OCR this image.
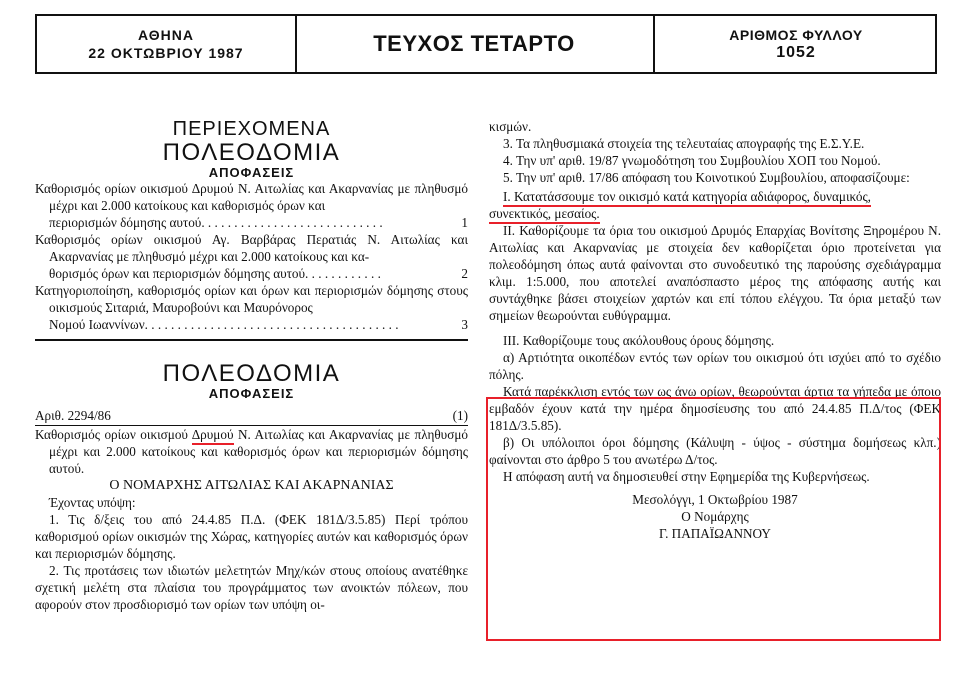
ΑΘΗΝΑ
22 ΟΚΤΩΒΡΙΟΥ 1987	ΤΕΥΧΟΣ ΤΕΤΑΡΤΟ	ΑΡΙΘΜΟΣ ΦΥΛΛΟΥ
1052
ΠΕΡΙΕΧΟΜΕΝΑ
ΠΟΛΕΟΔΟΜΙΑ
ΑΠΟΦΑΣΕΙΣ
Καθορισμός ορίων οικισμού Δρυμού Ν. Αιτωλίας και Ακαρνανίας με πληθυσμό μέχρι και 2.000 κατοίκους και καθορισμός όρων και
περιορισμών δόμησης αυτού. . . . . . . . . . . . . . . . . . . . . . . . . . . .	1
Καθορισμός ορίων οικισμού Αγ. Βαρβάρας Περατιάς Ν. Αιτωλίας και Ακαρνανίας με πληθυσμό μέχρι και 2.000 κατοίκους και κα-
θορισμός όρων και περιορισμών δόμησης αυτού. . . . . . . . . . . .	2
Κατηγοριοποίηση, καθορισμός ορίων και όρων και περιορισμών δόμησης στους οικισμούς Σιταριά, Μαυροβούνι και Μαυρόνορος
Νομού Ιωαννίνων. . . . . . . . . . . . . . . . . . . . . . . . . . . . . . . . . . . . . . .	3
ΠΟΛΕΟΔΟΜΙΑ
ΑΠΟΦΑΣΕΙΣ
Αριθ. 2294/86	(1)
Καθορισμός ορίων οικισμού Δρυμού Ν. Αιτωλίας και Ακαρνανίας με πληθυσμό μέχρι και 2.000 κατοίκους και καθορισμός όρων και περιορισμών δόμησης αυτού.
Ο ΝΟΜΑΡΧΗΣ ΑΙΤΩΛΙΑΣ ΚΑΙ ΑΚΑΡΝΑΝΙΑΣ
Έχοντας υπόψη:
1. Τις δ/ξεις του από 24.4.85 Π.Δ. (ΦΕΚ 181Δ/3.5.85) Περί τρόπου καθορισμού ορίων οικισμών της Χώρας, κατηγορίες αυτών και καθορισμός όρων και περιορισμών δόμησης.
2. Τις προτάσεις των ιδιωτών μελετητών Μηχ/κών στους οποίους ανατέθηκε σχετική μελέτη στα πλαίσια του προγράμματος των ανοικτών πόλεων, που αφορούν στον προσδιορισμό των ορίων των υπόψη οι-
κισμών.
3. Τα πληθυσμιακά στοιχεία της τελευταίας απογραφής της Ε.Σ.Υ.Ε.
4. Την υπ' αριθ. 19/87 γνωμοδότηση του Συμβουλίου ΧΟΠ του Νομού.
5. Την υπ' αριθ. 17/86 απόφαση του Κοινοτικού Συμβουλίου, αποφασίζουμε:
Ι. Κατατάσσουμε τον οικισμό κατά κατηγορία αδιάφορος, δυναμικός,
συνεκτικός, μεσαίος.
ΙΙ. Καθορίζουμε τα όρια του οικισμού Δρυμός Επαρχίας Βονίτσης Ξηρομέρου Ν. Αιτωλίας και Ακαρνανίας με στοιχεία δεν καθορίζεται όριο προτείνεται για πολεοδόμηση όπως αυτά φαίνονται στο συνοδευτικό της παρούσης σχεδιάγραμμα κλιμ. 1:5.000, που αποτελεί αναπόσπαστο μέρος της απόφασης αυτής και συντάχθηκε βάσει στοιχείων χαρτών και επί τόπου ελέγχου. Τα όρια μεταξύ των σημείων θεωρούνται ευθύγραμμα.
ΙΙΙ. Καθορίζουμε τους ακόλουθους όρους δόμησης.
α) Αρτιότητα οικοπέδων εντός των ορίων του οικισμού ότι ισχύει από το σχέδιο πόλης.
Κατά παρέκκλιση εντός των ως άνω ορίων, θεωρούνται άρτια τα γήπεδα με όποιο εμβαδόν έχουν κατά την ημέρα δημοσίευσης του από 24.4.85 Π.Δ/τος (ΦΕΚ 181Δ/3.5.85).
β) Οι υπόλοιποι όροι δόμησης (Κάλυψη - ύψος - σύστημα δομήσεως κλπ.) φαίνονται στο άρθρο 5 του ανωτέρω Δ/τος.
Η απόφαση αυτή να δημοσιευθεί στην Εφημερίδα της Κυβερνήσεως.
Μεσολόγγι, 1 Οκτωβρίου 1987
Ο Νομάρχης
Γ. ΠΑΠΑΪΩΑΝΝΟΥ
